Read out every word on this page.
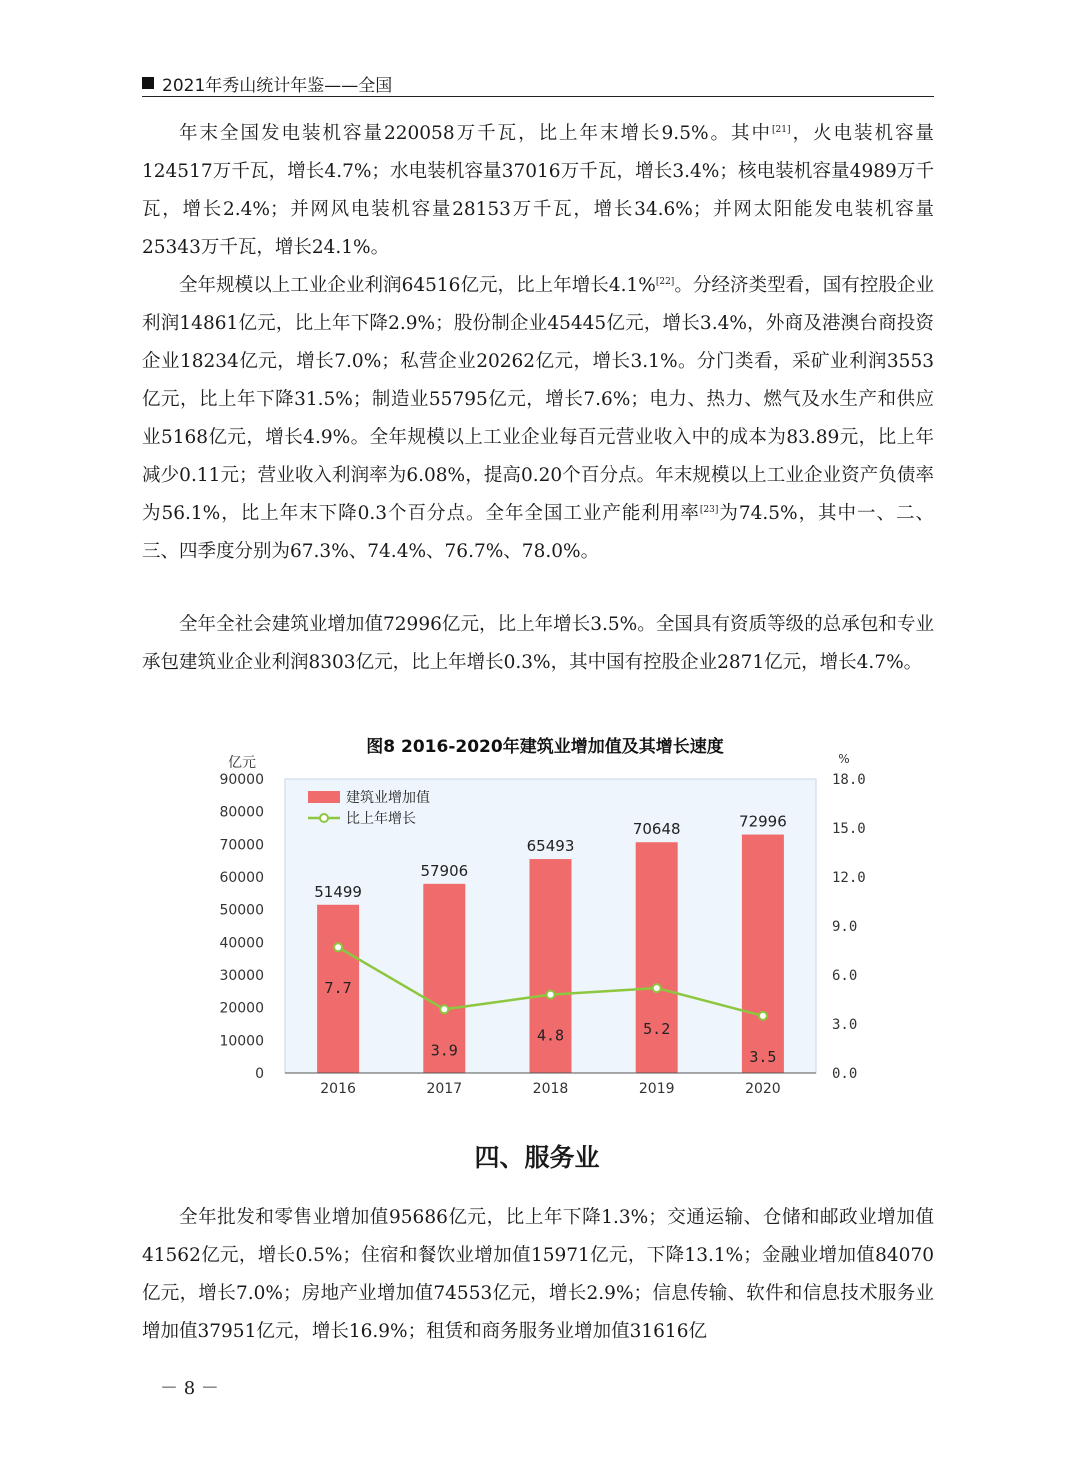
2021年秀山统计年鉴——全国

年末全国发电装机容量220058万千瓦，比上年末增长9.5%。其中[21]，火电装机容量124517万千瓦，增长4.7%；水电装机容量37016万千瓦，增长3.4%；核电装机容量4989万千瓦，增长2.4%；并网风电装机容量28153万千瓦，增长34.6%；并网太阳能发电装机容量25343万千瓦，增长24.1%。

全年规模以上工业企业利润64516亿元，比上年增长4.1%[22]。分经济类型看，国有控股企业利润14861亿元，比上年下降2.9%；股份制企业45445亿元，增长3.4%，外商及港澳台商投资企业18234亿元，增长7.0%；私营企业20262亿元，增长3.1%。分门类看，采矿业利润3553亿元，比上年下降31.5%；制造业55795亿元，增长7.6%；电力、热力、燃气及水生产和供应业5168亿元，增长4.9%。全年规模以上工业企业每百元营业收入中的成本为83.89元，比上年减少0.11元；营业收入利润率为6.08%，提高0.20个百分点。年末规模以上工业企业资产负债率为56.1%，比上年末下降0.3个百分点。全年全国工业产能利用率[23]为74.5%，其中一、二、三、四季度分别为67.3%、74.4%、76.7%、78.0%。

全年全社会建筑业增加值72996亿元，比上年增长3.5%。全国具有资质等级的总承包和专业承包建筑业企业利润8303亿元，比上年增长0.3%，其中国有控股企业2871亿元，增长4.7%。

图8 2016-2020年建筑业增加值及其增长速度
亿元	%
0
10000
20000
30000
40000
50000
60000
70000
80000
90000
0.0
3.0
6.0
9.0
12.0
15.0
18.0
51499
57906
65493
70648	72996
2016	2017	2018	2019	2020
7.7
3.9
4.8	5.2
3.5
建筑业增加值
比上年增长
四、服务业

全年批发和零售业增加值95686亿元，比上年下降1.3%；交通运输、仓储和邮政业增加值41562亿元，增长0.5%；住宿和餐饮业增加值15971亿元，下降13.1%；金融业增加值84070亿元，增长7.0%；房地产业增加值74553亿元，增长2.9%；信息传输、软件和信息技术服务业增加值37951亿元，增长16.9%；租赁和商务服务业增加值31616亿

－ 8 －
